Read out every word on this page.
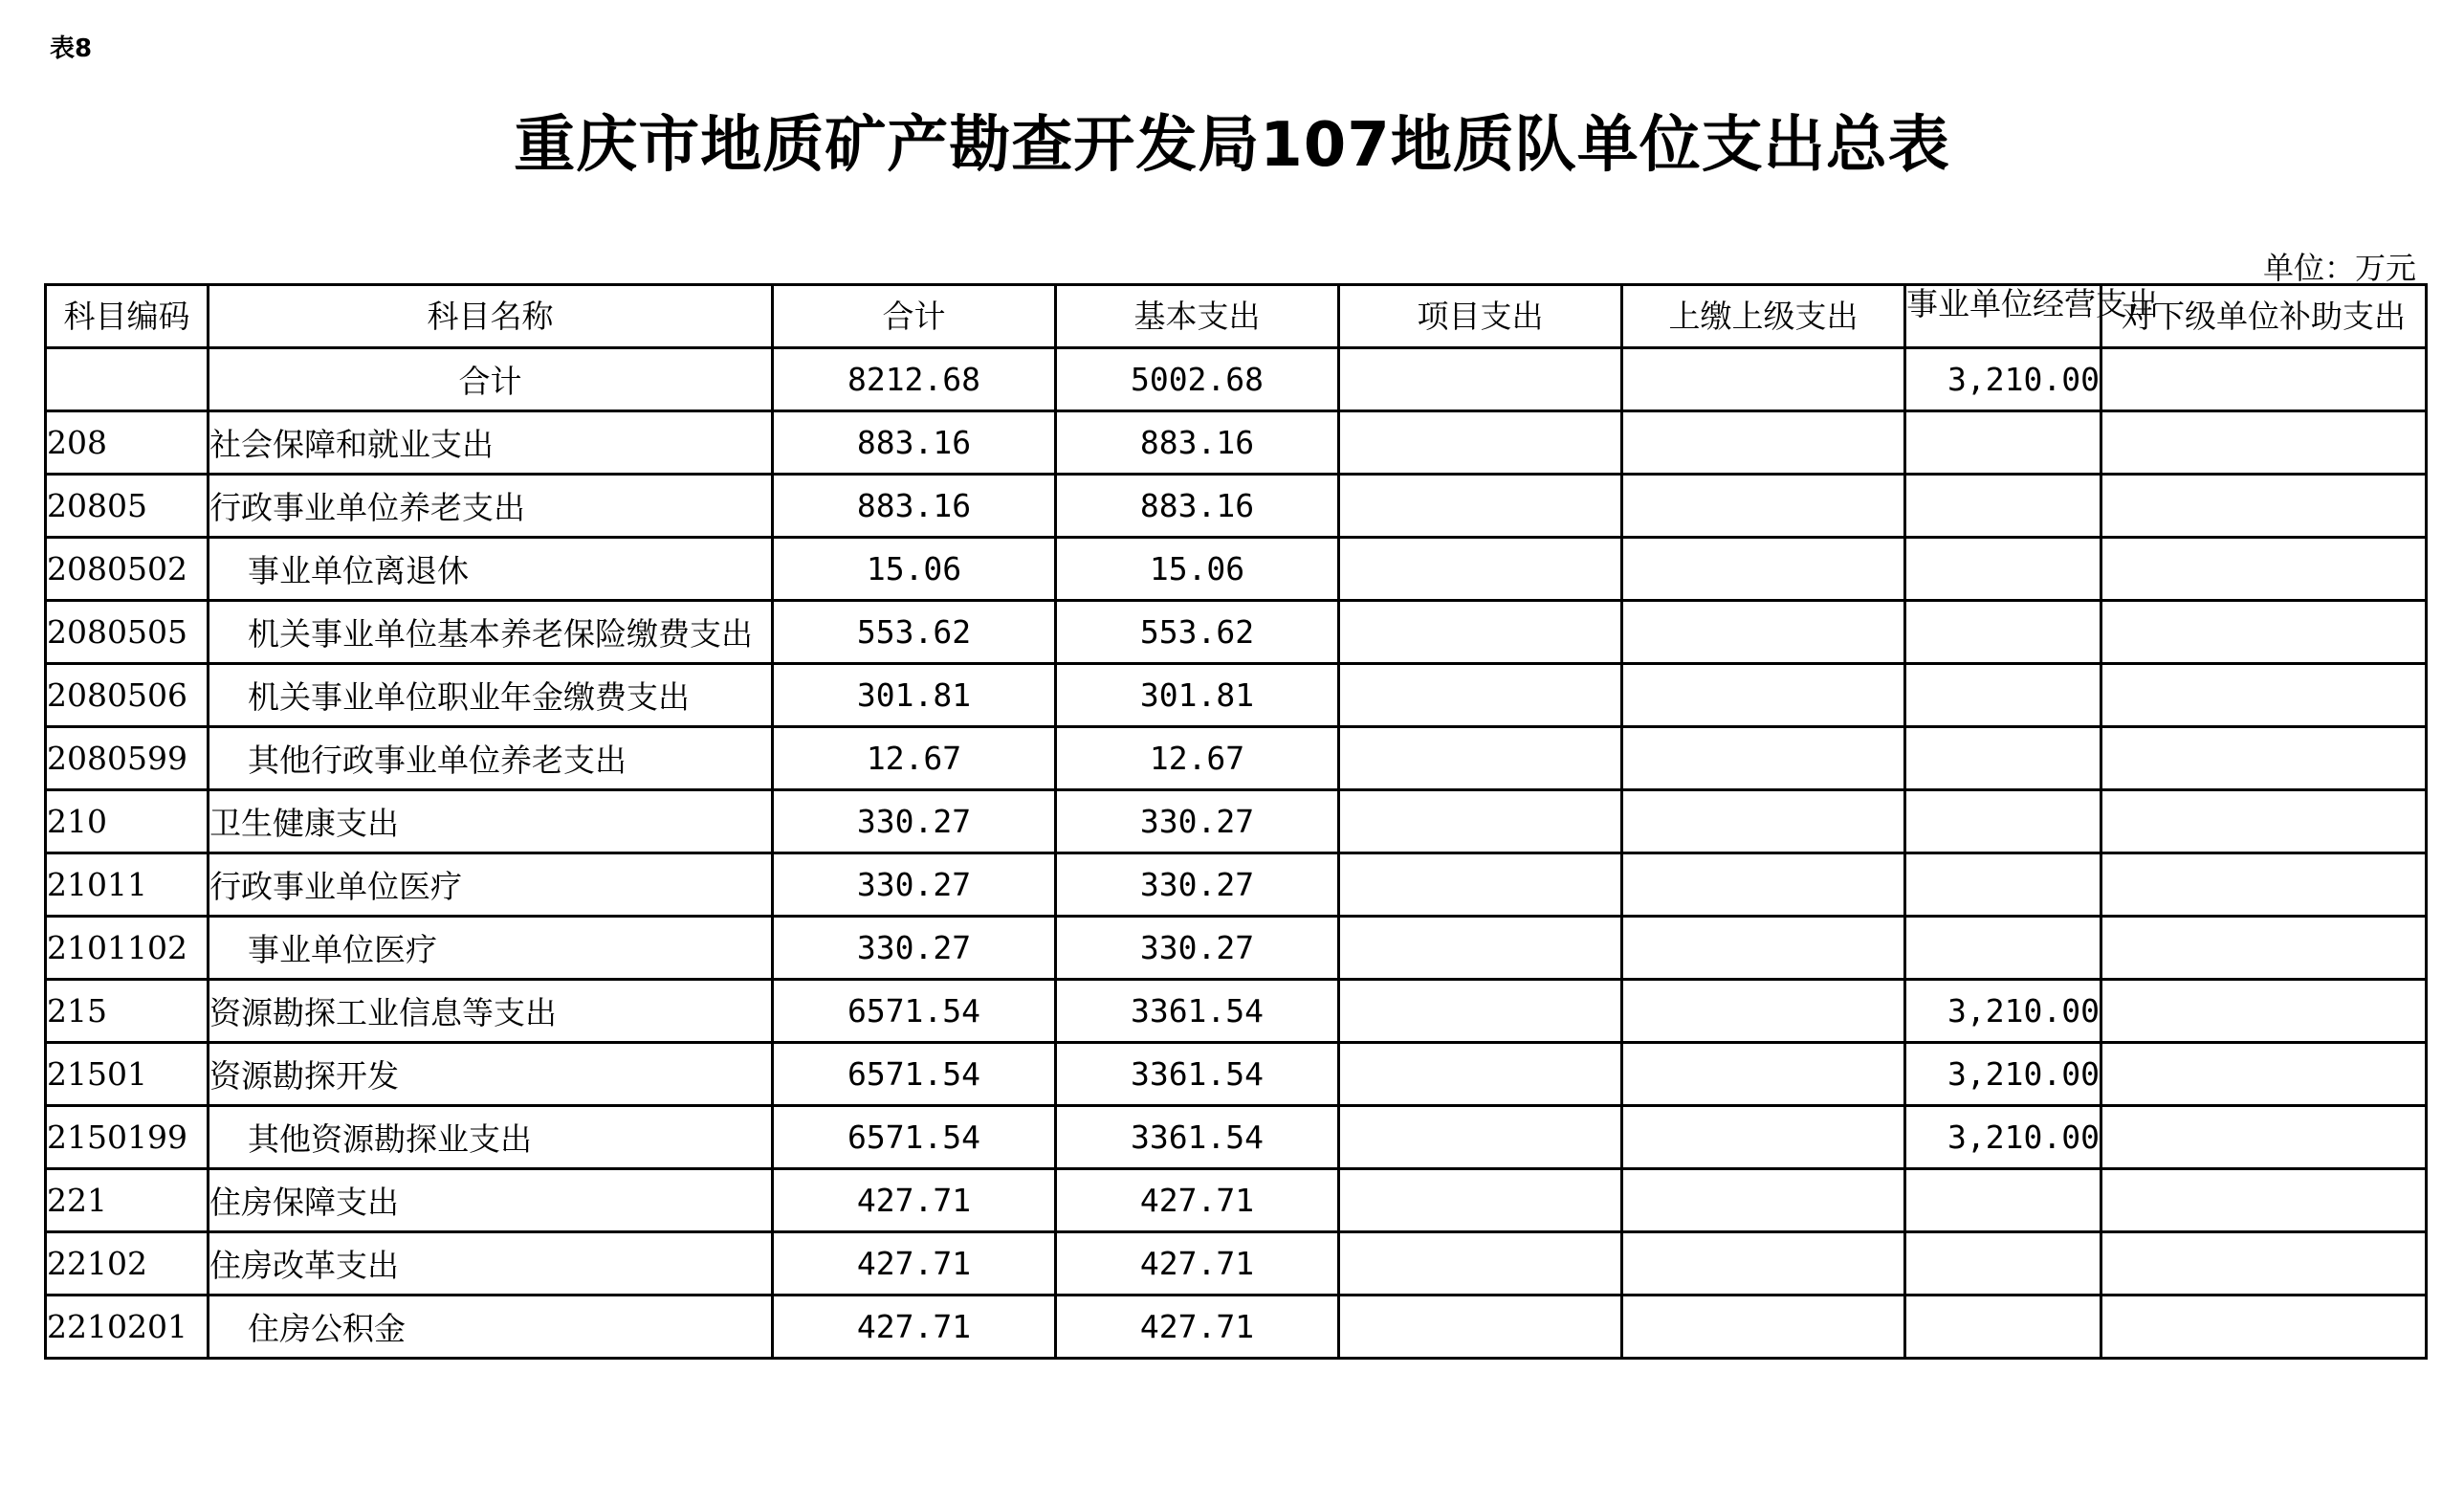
表8
重庆市地质矿产勘查开发局107地质队单位支出总表
单位：万元
科目编码	科目名称	合计	基本支出	项目支出	上缴上级支出	事业单位经营支出	对下级单位补助支出
	合计	8212.68	5002.68			3,210.00	
208	社会保障和就业支出	883.16	883.16				
20805	行政事业单位养老支出	883.16	883.16				
2080502	事业单位离退休	15.06	15.06				
2080505	机关事业单位基本养老保险缴费支出	553.62	553.62				
2080506	机关事业单位职业年金缴费支出	301.81	301.81				
2080599	其他行政事业单位养老支出	12.67	12.67				
210	卫生健康支出	330.27	330.27				
21011	行政事业单位医疗	330.27	330.27				
2101102	事业单位医疗	330.27	330.27				
215	资源勘探工业信息等支出	6571.54	3361.54			3,210.00	
21501	资源勘探开发	6571.54	3361.54			3,210.00	
2150199	其他资源勘探业支出	6571.54	3361.54			3,210.00	
221	住房保障支出	427.71	427.71				
22102	住房改革支出	427.71	427.71				
2210201	住房公积金	427.71	427.71				
